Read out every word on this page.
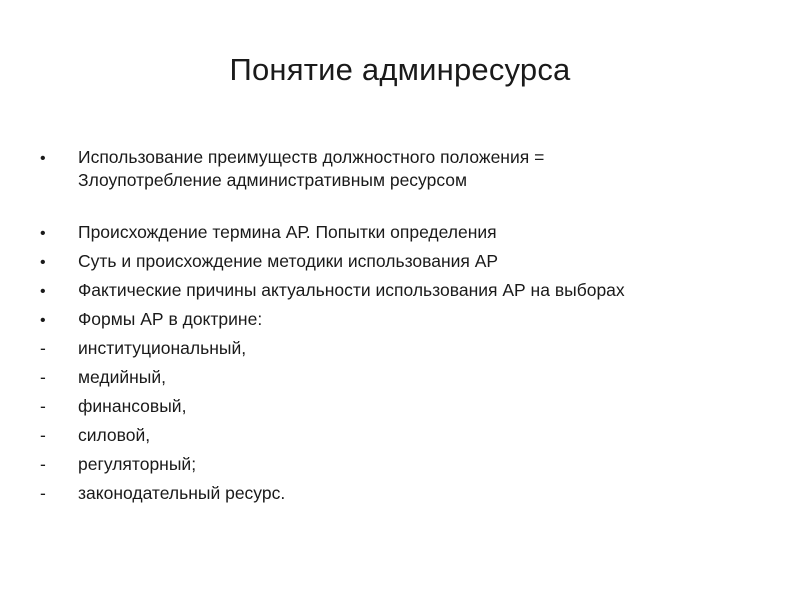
Понятие админресурса
•
Использование преимуществ должностного положения =
Злоупотребление административным ресурсом
•
Происхождение термина АР. Попытки определения
•
Суть и происхождение методики использования АР
•
Фактические причины актуальности использования АР на выборах
•
Формы АР в доктрине:
-
институциональный,
-
медийный,
-
финансовый,
-
силовой,
-
регуляторный;
-
законодательный ресурс.
